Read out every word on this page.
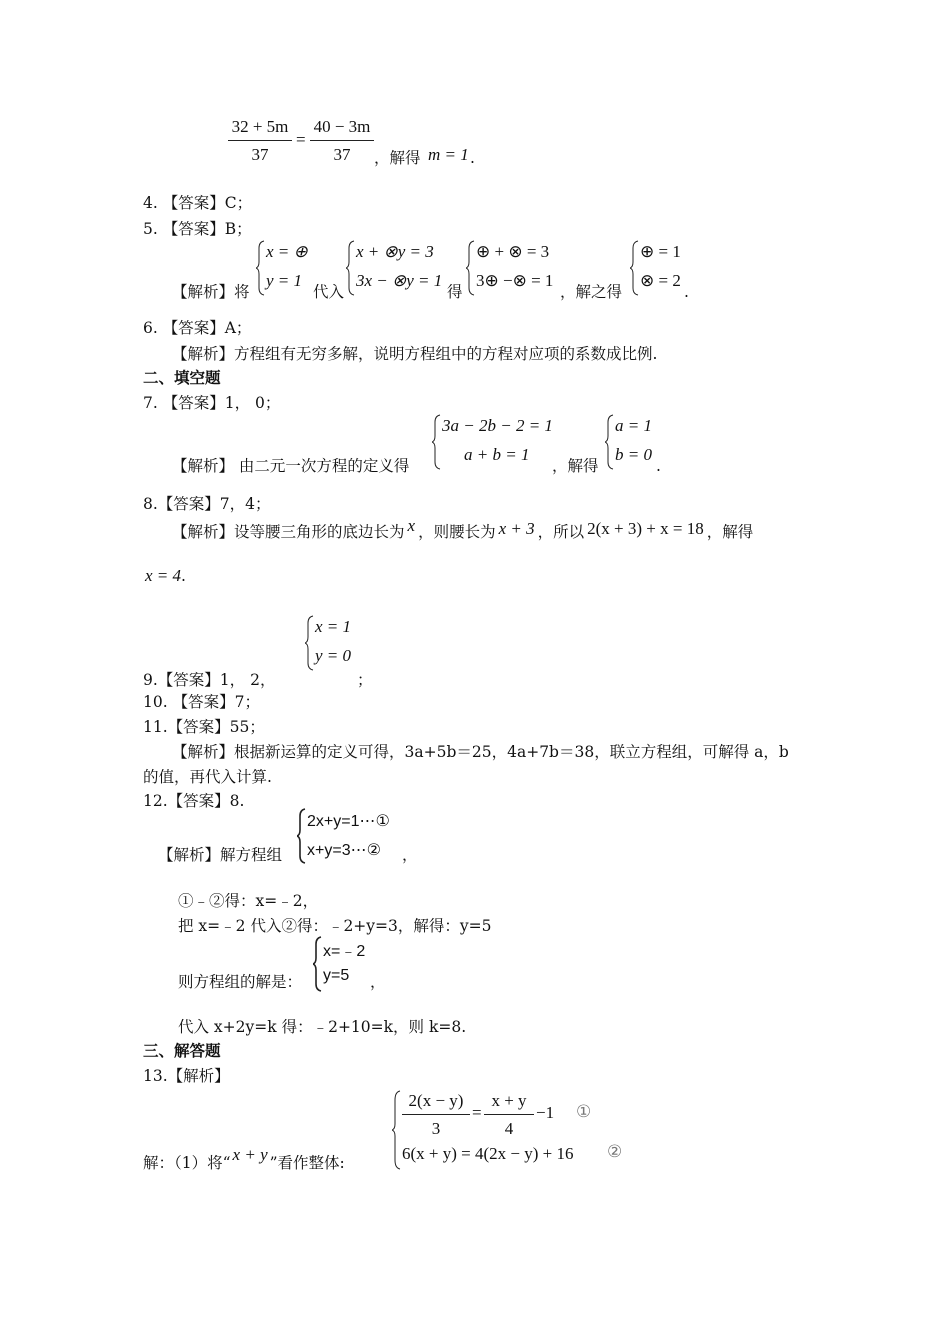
32 + 5m
37
=
40 − 3m
37	，解得 m = 1 .
4. 【答案】C；
5. 【答案】B；
【解析】将
x = ⊕
y = 1
代入
x + ⊗y = 3
3x − ⊗y = 1
得
⊕ + ⊗ = 3
3⊕ −⊗ = 1
，解之得
⊕ = 1
⊗ = 2
.
6. 【答案】A；
【解析】方程组有无穷多解，说明方程组中的方程对应项的系数成比例.
二、填空题
7. 【答案】1， 0；
【解析】 由二元一次方程的定义得
3a − 2b − 2 = 1
a + b = 1
，解得
a = 1
b = 0
.
8.【答案】7，4；
【解析】设等腰三角形的底边长为 x ，则腰长为 x + 3 ，所以 2(x + 3) + x = 18 ，解得
x = 4.
x = 1
y = 0
9.【答案】1， 2，	；
10. 【答案】7；
11.【答案】55；
【解析】根据新运算的定义可得，3a+5b＝25，4a+7b＝38，联立方程组，可解得 a，b
的值，再代入计算.
12.【答案】8.
【解析】解方程组
2x+y=1⋯①
x+y=3⋯② ，
①﹣②得：x=﹣2，
把 x=﹣2 代入②得：﹣2+y=3，解得：y=5
则方程组的解是：
x=﹣2
y=5 ，
代入 x+2y=k 得：﹣2+10=k，则 k=8.
三、解答题
13.【解析】
解：（1）将“ x + y ”看作整体:
2(x − y)
3
=
x + y
4
−1 ①
6(x + y) = 4(2x − y) + 16 ②
